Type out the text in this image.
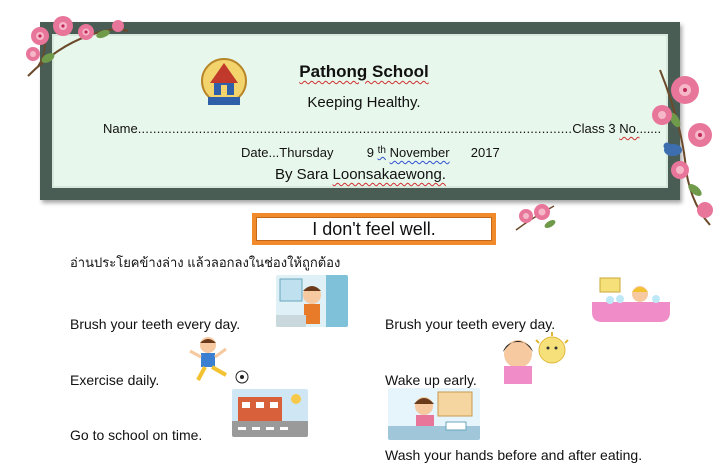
Pathong School
Keeping Healthy.
Name..................................................................................................................Class 3 No.......
Date...Thursday	9 $^{th}$ November 2017
By Sara Loonsakaewong.
I don't feel well.
อ่านประโยคข้างล่าง แล้วลอกลงในช่องให้ถูกต้อง
Brush your teeth every day.
Exercise daily.
Go to school on time.
Brush your teeth every day.
Wake up early.
Wash your hands before and after eating.
